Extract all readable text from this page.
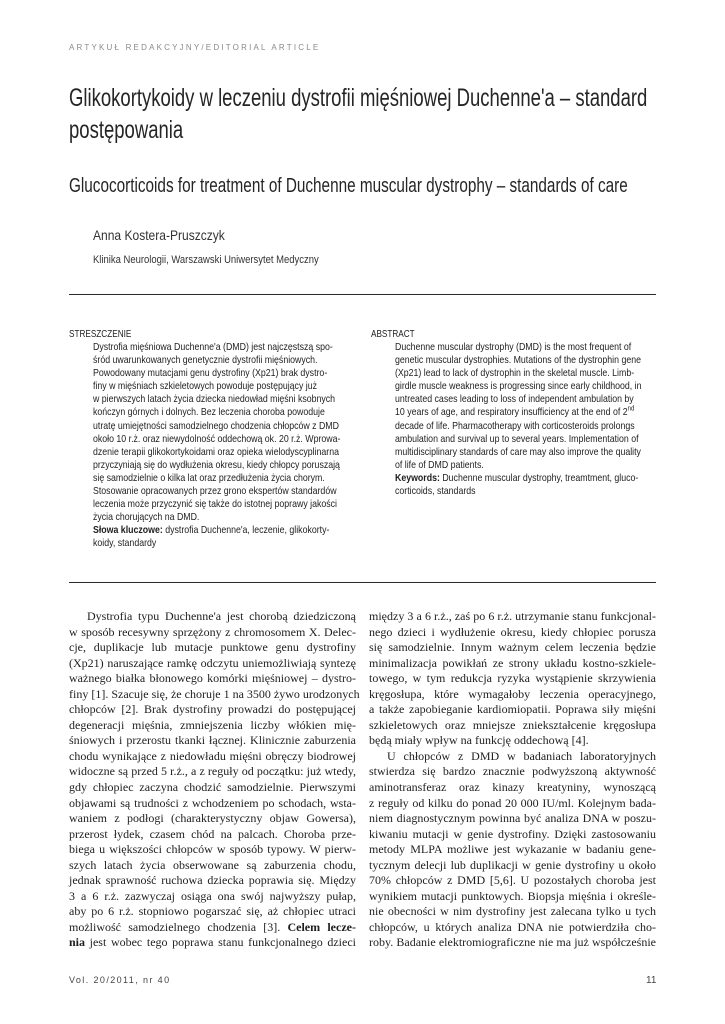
ARTYKUŁ REDAKCYJNY/EDITORIAL ARTICLE
Glikokortykoidy w leczeniu dystrofii mięśniowej Duchenne'a – standard
postępowania
Glucocorticoids for treatment of Duchenne muscular dystrophy – standards of care
Anna Kostera-Pruszczyk
Klinika Neurologii, Warszawski Uniwersytet Medyczny
STRESZCZENIE
Dystrofia mięśniowa Duchenne'a (DMD) jest najczęstszą spo-
śród uwarunkowanych genetycznie dystrofii mięśniowych.
Powodowany mutacjami genu dystrofiny (Xp21) brak dystro-
finy w mięśniach szkieletowych powoduje postępujący już
w pierwszych latach życia dziecka niedowład mięśni ksobnych
kończyn górnych i dolnych. Bez leczenia choroba powoduje
utratę umiejętności samodzielnego chodzenia chłopców z DMD
około 10 r.ż. oraz niewydolność oddechową ok. 20 r.ż. Wprowa-
dzenie terapii glikokortykoidami oraz opieka wielodyscyplinarna
przyczyniają się do wydłużenia okresu, kiedy chłopcy poruszają
się samodzielnie o kilka lat oraz przedłużenia życia chorym.
Stosowanie opracowanych przez grono ekspertów standardów
leczenia może przyczynić się także do istotnej poprawy jakości
życia chorujących na DMD.
Słowa kluczowe: dystrofia Duchenne'a, leczenie, glikokorty-
koidy, standardy
ABSTRACT
Duchenne muscular dystrophy (DMD) is the most frequent of
genetic muscular dystrophies. Mutations of the dystrophin gene
(Xp21) lead to lack of dystrophin in the skeletal muscle. Limb-
girdle muscle weakness is progressing since early childhood, in
untreated cases leading to loss of independent ambulation by
10 years of age, and respiratory insufficiency at the end of 2nd
decade of life. Pharmacotherapy with corticosteroids prolongs
ambulation and survival up to several years. Implementation of
multidisciplinary standards of care may also improve the quality
of life of DMD patients.
Keywords: Duchenne muscular dystrophy, treamtment, gluco-
corticoids, standards
Dystrofia typu Duchenne'a jest chorobą dziedziczoną
w sposób recesywny sprzężony z chromosomem X. Delec-
cje, duplikacje lub mutacje punktowe genu dystrofiny
(Xp21) naruszające ramkę odczytu uniemożliwiają syntezę
ważnego białka błonowego komórki mięśniowej – dystro-
finy [1]. Szacuje się, że choruje 1 na 3500 żywo urodzonych
chłopców [2]. Brak dystrofiny prowadzi do postępującej
degeneracji mięśnia, zmniejszenia liczby włókien mię-
śniowych i przerostu tkanki łącznej. Klinicznie zaburzenia
chodu wynikające z niedowładu mięśni obręczy biodrowej
widoczne są przed 5 r.ż., a z reguły od początku: już wtedy,
gdy chłopiec zaczyna chodzić samodzielnie. Pierwszymi
objawami są trudności z wchodzeniem po schodach, wsta-
waniem z podłogi (charakterystyczny objaw Gowersa),
przerost łydek, czasem chód na palcach. Choroba prze-
biega u większości chłopców w sposób typowy. W pierw-
szych latach życia obserwowane są zaburzenia chodu,
jednak sprawność ruchowa dziecka poprawia się. Między
3 a 6 r.ż. zazwyczaj osiąga ona swój najwyższy pułap,
aby po 6 r.ż. stopniowo pogarszać się, aż chłopiec utraci
możliwość samodzielnego chodzenia [3]. Celem lecze-
nia jest wobec tego poprawa stanu funkcjonalnego dzieci
między 3 a 6 r.ż., zaś po 6 r.ż. utrzymanie stanu funkcjonal-
nego dzieci i wydłużenie okresu, kiedy chłopiec porusza
się samodzielnie. Innym ważnym celem leczenia będzie
minimalizacja powikłań ze strony układu kostno-szkiele-
towego, w tym redukcja ryzyka wystąpienie skrzywienia
kręgosłupa, które wymagałoby leczenia operacyjnego,
a także zapobieganie kardiomiopatii. Poprawa siły mięśni
szkieletowych oraz mniejsze zniekształcenie kręgosłupa
będą miały wpływ na funkcję oddechową [4].
U chłopców z DMD w badaniach laboratoryjnych
stwierdza się bardzo znacznie podwyższoną aktywność
aminotransferaz oraz kinazy kreatyniny, wynoszącą
z reguły od kilku do ponad 20 000 IU/ml. Kolejnym bada-
niem diagnostycznym powinna być analiza DNA w poszu-
kiwaniu mutacji w genie dystrofiny. Dzięki zastosowaniu
metody MLPA możliwe jest wykazanie w badaniu gene-
tycznym delecji lub duplikacji w genie dystrofiny u około
70% chłopców z DMD [5,6]. U pozostałych choroba jest
wynikiem mutacji punktowych. Biopsja mięśnia i określe-
nie obecności w nim dystrofiny jest zalecana tylko u tych
chłopców, u których analiza DNA nie potwierdziła cho-
roby. Badanie elektromiograficzne nie ma już współcześnie
Vol. 20/2011, nr 40	11
